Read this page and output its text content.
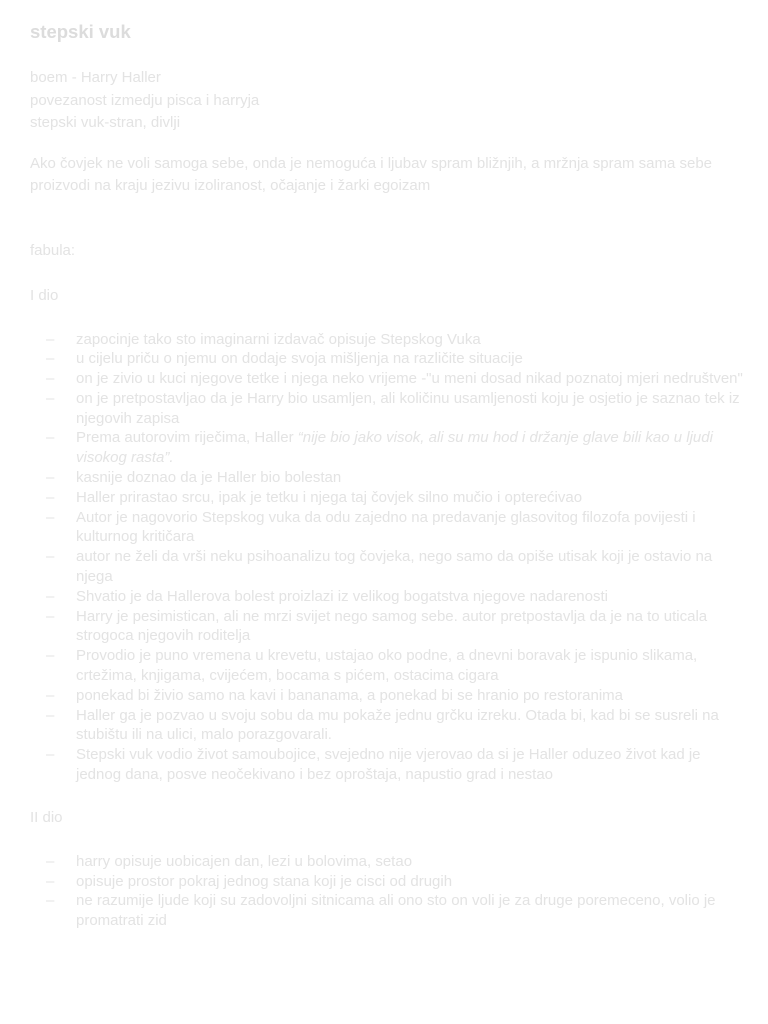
stepski vuk
boem - Harry Haller
povezanost izmedju pisca i harryja
stepski vuk-stran, divlji
Ako čovjek ne voli samoga sebe, onda je nemoguća i ljubav spram bližnjih, a mržnja spram sama sebe proizvodi na kraju jezivu izoliranost, očajanje i žarki egoizam
fabula:
I dio
– zapocinje tako sto imaginarni izdavač opisuje Stepskog Vuka
– u cijelu priču o njemu on dodaje svoja mišljenja na različite situacije
– on je zivio u kuci njegove tetke i njega neko vrijeme -"u meni dosad nikad poznatoj mjeri nedruštven"
– on je pretpostavljao da je Harry bio usamljen, ali količinu usamljenosti koju je osjetio je saznao tek iz njegovih zapisa
– Prema autorovim riječima, Haller “nije bio jako visok, ali su mu hod i držanje glave bili kao u ljudi visokog rasta”.
– kasnije doznao da je Haller bio bolestan
– Haller prirastao srcu, ipak je tetku i njega taj čovjek silno mučio i opterećivao
– Autor je nagovorio Stepskog vuka da odu zajedno na predavanje glasovitog filozofa povijesti i kulturnog kritičara
– autor ne želi da vrši neku psihoanalizu tog čovjeka, nego samo da opiše utisak koji je ostavio na njega
– Shvatio je da Hallerova bolest proizlazi iz velikog bogatstva njegove nadarenosti
– Harry je pesimistican, ali ne mrzi svijet nego samog sebe. autor pretpostavlja da je na to uticala strogoca njegovih roditelja
– Provodio je puno vremena u krevetu, ustajao oko podne, a dnevni boravak je ispunio slikama, crtežima, knjigama, cvijećem, bocama s pićem, ostacima cigara
– ponekad bi živio samo na kavi i bananama, a ponekad bi se hranio po restoranima
– Haller ga je pozvao u svoju sobu da mu pokaže jednu grčku izreku. Otada bi, kad bi se susreli na stubištu ili na ulici, malo porazgovarali.
– Stepski vuk vodio život samoubojice, svejedno nije vjerovao da si je Haller oduzeo život kad je jednog dana, posve neočekivano i bez oproštaja, napustio grad i nestao
II dio
– harry opisuje uobicajen dan, lezi u bolovima, setao
– opisuje prostor pokraj jednog stana koji je cisci od drugih
– ne razumije ljude koji su zadovoljni sitnicama ali ono sto on voli je za druge poremeceno, volio je promatrati zid
